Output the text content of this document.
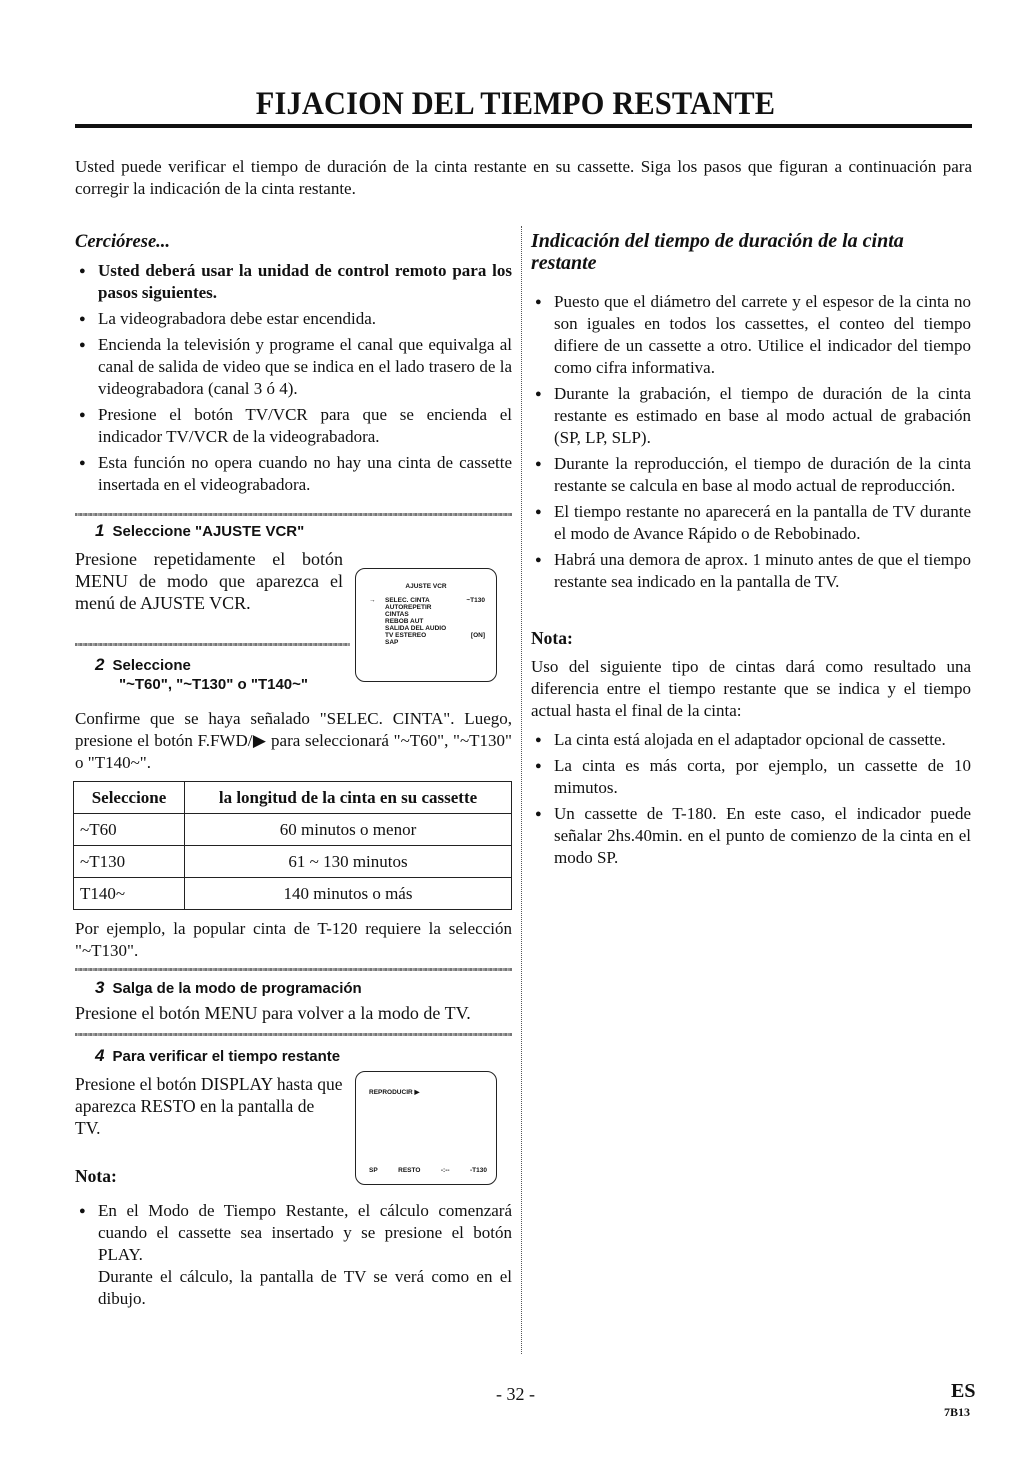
FIJACION DEL TIEMPO RESTANTE
Usted puede verificar el tiempo de duración de la cinta restante en su cassette. Siga los pasos que figuran a continuación para corregir la indicación de la cinta restante.
Cerciórese...
● Usted deberá usar la unidad de control remoto para los pasos siguientes.
● La videograbadora debe estar encendida.
● Encienda la televisión y programe el canal que equivalga al canal de salida de video que se indica en el lado trasero de la videograbadora (canal 3 ó 4).
● Presione el botón TV/VCR para que se encienda el indicador TV/VCR de la videograbadora.
● Esta función no opera cuando no hay una cinta de cassette insertada en el videograbadora.
1 Seleccione "AJUSTE VCR"
Presione repetidamente el botón MENU de modo que aparezca el menú de AJUSTE VCR.
AJUSTE VCR
→ SELEC. CINTA	~T130
AUTOREPETIR
CINTAS
REBOB AUT
SALIDA DEL AUDIO
TV ESTEREO	[ON]
SAP
2 Seleccione
"~T60", "~T130" o "T140~"
Confirme que se haya señalado "SELEC. CINTA". Luego, presione el botón F.FWD/▶ para seleccionará "~T60", "~T130" o "T140~".
Seleccione	la longitud de la cinta en su cassette
~T60	60 minutos o menor
~T130	61 ~ 130 minutos
T140~	140 minutos o más
Por ejemplo, la popular cinta de T-120 requiere la selección "~T130".
3 Salga de la modo de programación
Presione el botón MENU para volver a la modo de TV.
4 Para verificar el tiempo restante
Presione el botón DISPLAY hasta que aparezca RESTO en la pantalla de TV.
REPRODUCIR ▶
SP	RESTO	-:--	-T130
Nota:
● En el Modo de Tiempo Restante, el cálculo comenzará cuando el cassette sea insertado y se presione el botón PLAY.
Durante el cálculo, la pantalla de TV se verá como en el dibujo.
Indicación del tiempo de duración de la cinta restante
● Puesto que el diámetro del carrete y el espesor de la cinta no son iguales en todos los cassettes, el conteo del tiempo difiere de un cassette a otro. Utilice el indicador del tiempo como cifra informativa.
● Durante la grabación, el tiempo de duración de la cinta restante es estimado en base al modo actual de grabación (SP, LP, SLP).
● Durante la reproducción, el tiempo de duración de la cinta restante se calcula en base al modo actual de reproducción.
● El tiempo restante no aparecerá en la pantalla de TV durante el modo de Avance Rápido o de Rebobinado.
● Habrá una demora de aprox. 1 minuto antes de que el tiempo restante sea indicado en la pantalla de TV.
Nota:
Uso del siguiente tipo de cintas dará como resultado una diferencia entre el tiempo restante que se indica y el tiempo actual hasta el final de la cinta:
● La cinta está alojada en el adaptador opcional de cassette.
● La cinta es más corta, por ejemplo, un cassette de 10 mimutos.
● Un cassette de T-180. En este caso, el indicador puede señalar 2hs.40min. en el punto de comienzo de la cinta en el modo SP.
- 32 -	ES
7B13
